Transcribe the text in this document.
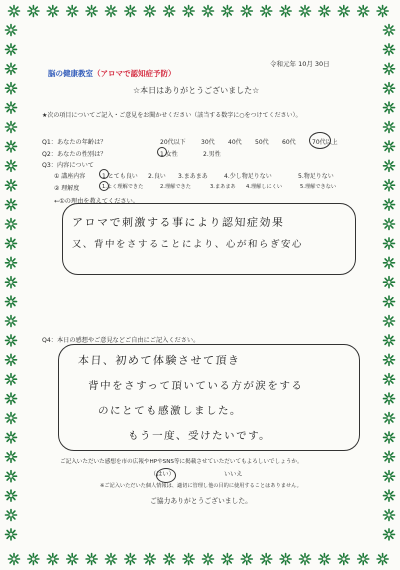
令和元年 10月 30日
脳の健康教室（アロマで認知症予防）
☆本日はありがとうございました☆
★次の項目についてご記入・ご意見をお聞かせください（該当する数字に○をつけてください）。
Q1：あなたの年齢は？	20代以下	30代 40代 50代 60代	70代以上
Q2：あなたの性別は？	1.女性	2.男性
Q3：内容について
① 講座内容	1.とても良い 2.良い 3.まあまあ	4.少し物足りない	5.物足りない
② 理解度	1.よく理解できた	2.理解できた	3.まあまあ 4.理解しにくい	5.理解できない
←①の理由を教えてください。
アロマで刺激する事により認知症効果
又、背中をさすることにより、心が和らぎ安心
Q4：本日の感想やご意見などご自由にご記入ください。
本日、初めて体験させて頂き
背中をさすって頂いている方が涙をする
のにとても感激しました。
もう一度、受けたいです。
ご記入いただいた感想を市の広報やHPやSNS等に掲載させていただいてもよろしいでしょうか。
（はい）	いいえ
※ご記入いただいた個人情報は、適切に管理し他の目的に使用することはありません。
ご協力ありがとうございました。
